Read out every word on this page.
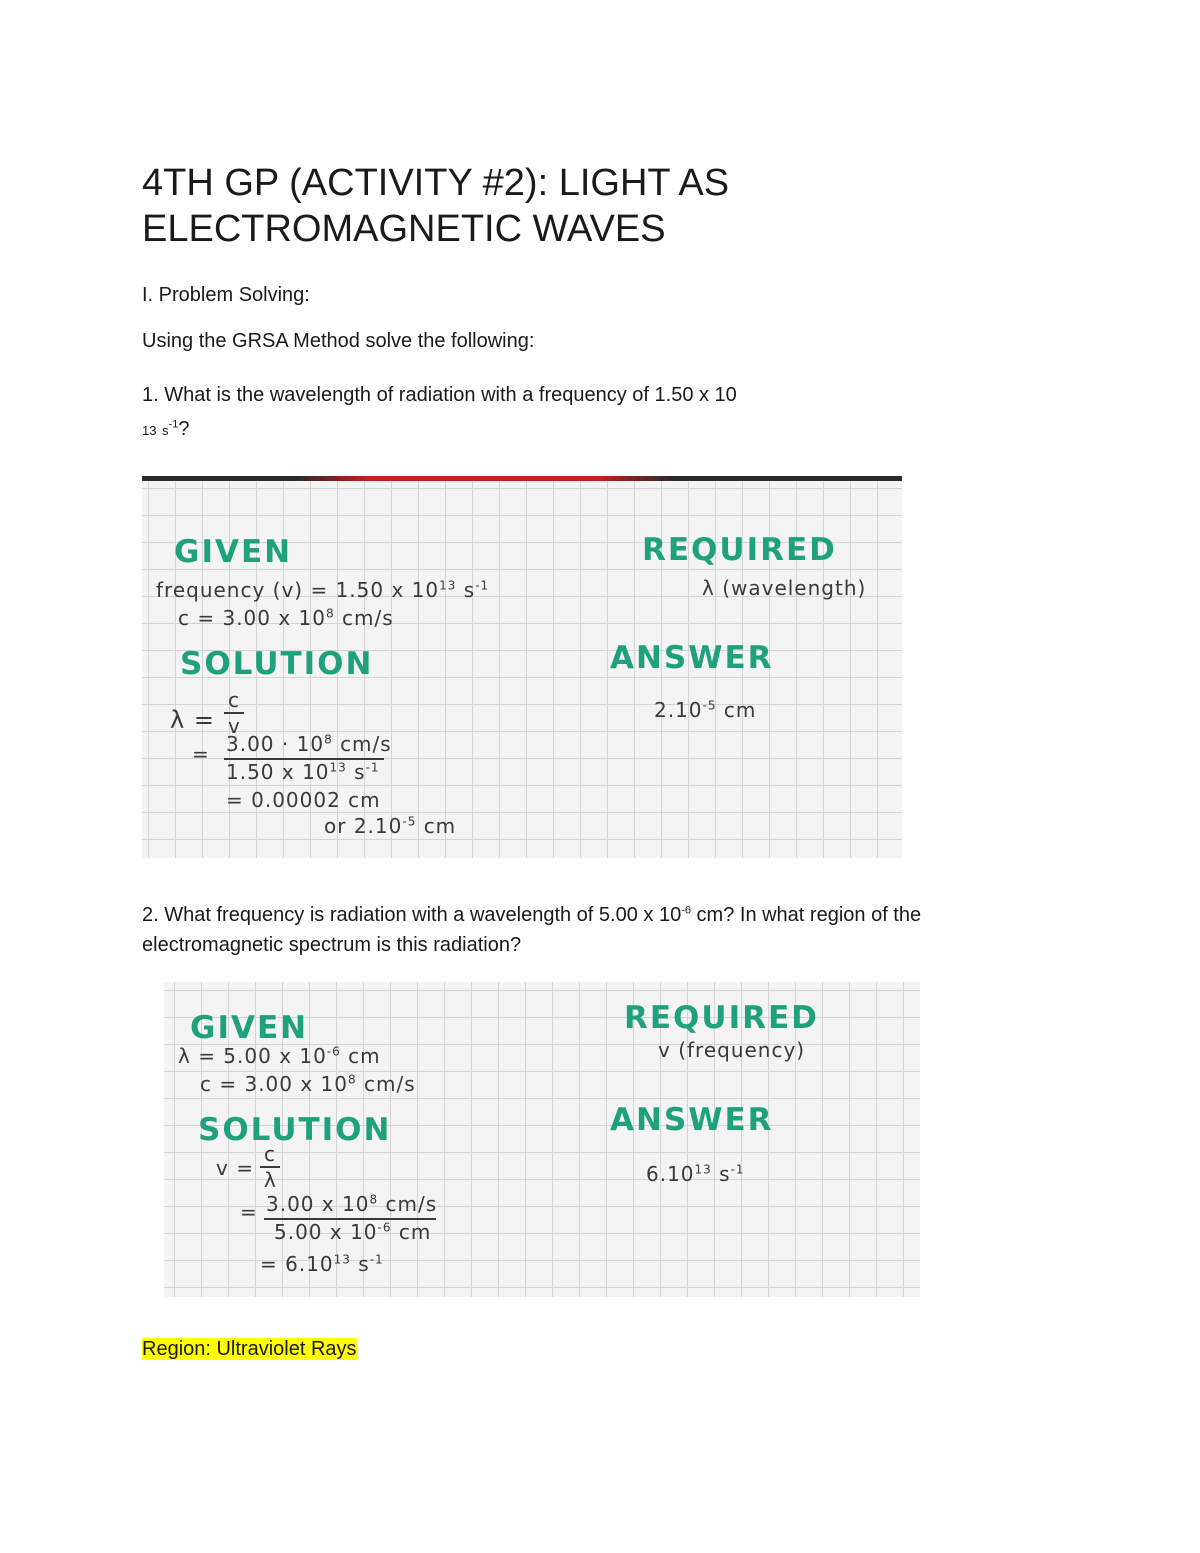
4TH GP (ACTIVITY #2): LIGHT AS ELECTROMAGNETIC WAVES
I. Problem Solving:
Using the GRSA Method solve the following:
1. What is the wavelength of radiation with a frequency of 1.50 x 10
13 $s^{-1}$?
GIVEN
frequency (v) = 1.50 x $10^{13}$ $s^{-1}$
c = 3.00 x $10^8$ cm/s
REQUIRED
λ (wavelength)
SOLUTION
λ =
c
v
= $3.00 \cdot 10^8$ cm/s
1.50 x $10^{13}$ $s^{-1}$
= 0.00002 cm
or $2.10^{-5}$ cm
ANSWER
$2.10^{-5}$ cm
2. What frequency is radiation with a wavelength of 5.00 x $10^{-6}$ cm? In what region of the
electromagnetic spectrum is this radiation?
GIVEN
λ = 5.00 x $10^{-6}$ cm
c = 3.00 x $10^8$ cm/s
REQUIRED
v (frequency)
SOLUTION
v =
c
λ
= 3.00 x $10^8$ cm/s
5.00 x $10^{-6}$ cm
= $6.10^{13}$ $s^{-1}$
ANSWER
6.10$^{13}$ $s^{-1}$
Region: Ultraviolet Rays
